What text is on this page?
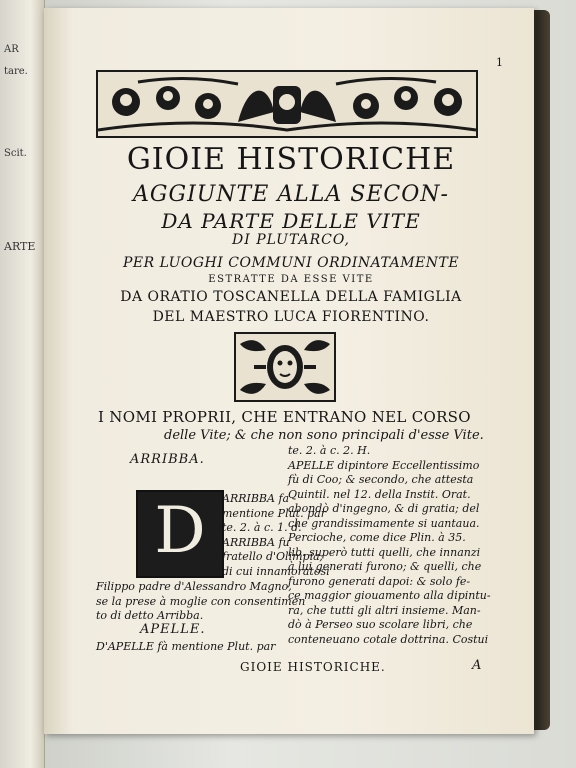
AR
tare.
Scit.
ARTE
1
GIOIE HISTORICHE
AGGIUNTE ALLA SECON-
DA PARTE DELLE VITE
DI PLUTARCO,
PER LUOGHI COMMUNI ORDINATAMENTE
ESTRATTE DA ESSE VITE
DA ORATIO TOSCANELLA DELLA FAMIGLIA
DEL MAESTRO LUCA FIORENTINO.
I NOMI PROPRII, CHE ENTRANO NEL CORSO
delle Vite; & che non sono principali d'esse Vite.
ARRIBBA.
D	ARRIBBA fa
mentione Plut. par
te. 2. à c. 1. d.
ARRIBBA fu
fratello d'Olimpia;
di cui innamoratosi
Filippo padre d'Alessandro Magno,
se la prese à moglie con consentimen
to di detto Arribba.
APELLE.
D'APELLE fà mentione Plut. par
te. 2. à c. 2. H.
APELLE dipintore Eccellentissimo
fù di Coo; & secondo, che attesta
Quintil. nel 12. della Instit. Orat.
abondò d'ingegno, & di gratia; del
che grandissimamente si uantaua.
Percioche, come dice Plin. à 35.
lib. superò tutti quelli, che innanzi
à lui generati furono; & quelli, che
furono generati dapoi: & solo fe-
ce maggior giouamento alla dipintu-
ra, che tutti gli altri insieme. Man-
dò à Perseo suo scolare libri, che
conteneuano cotale dottrina. Costui
GIOIE HISTORICHE.	A
